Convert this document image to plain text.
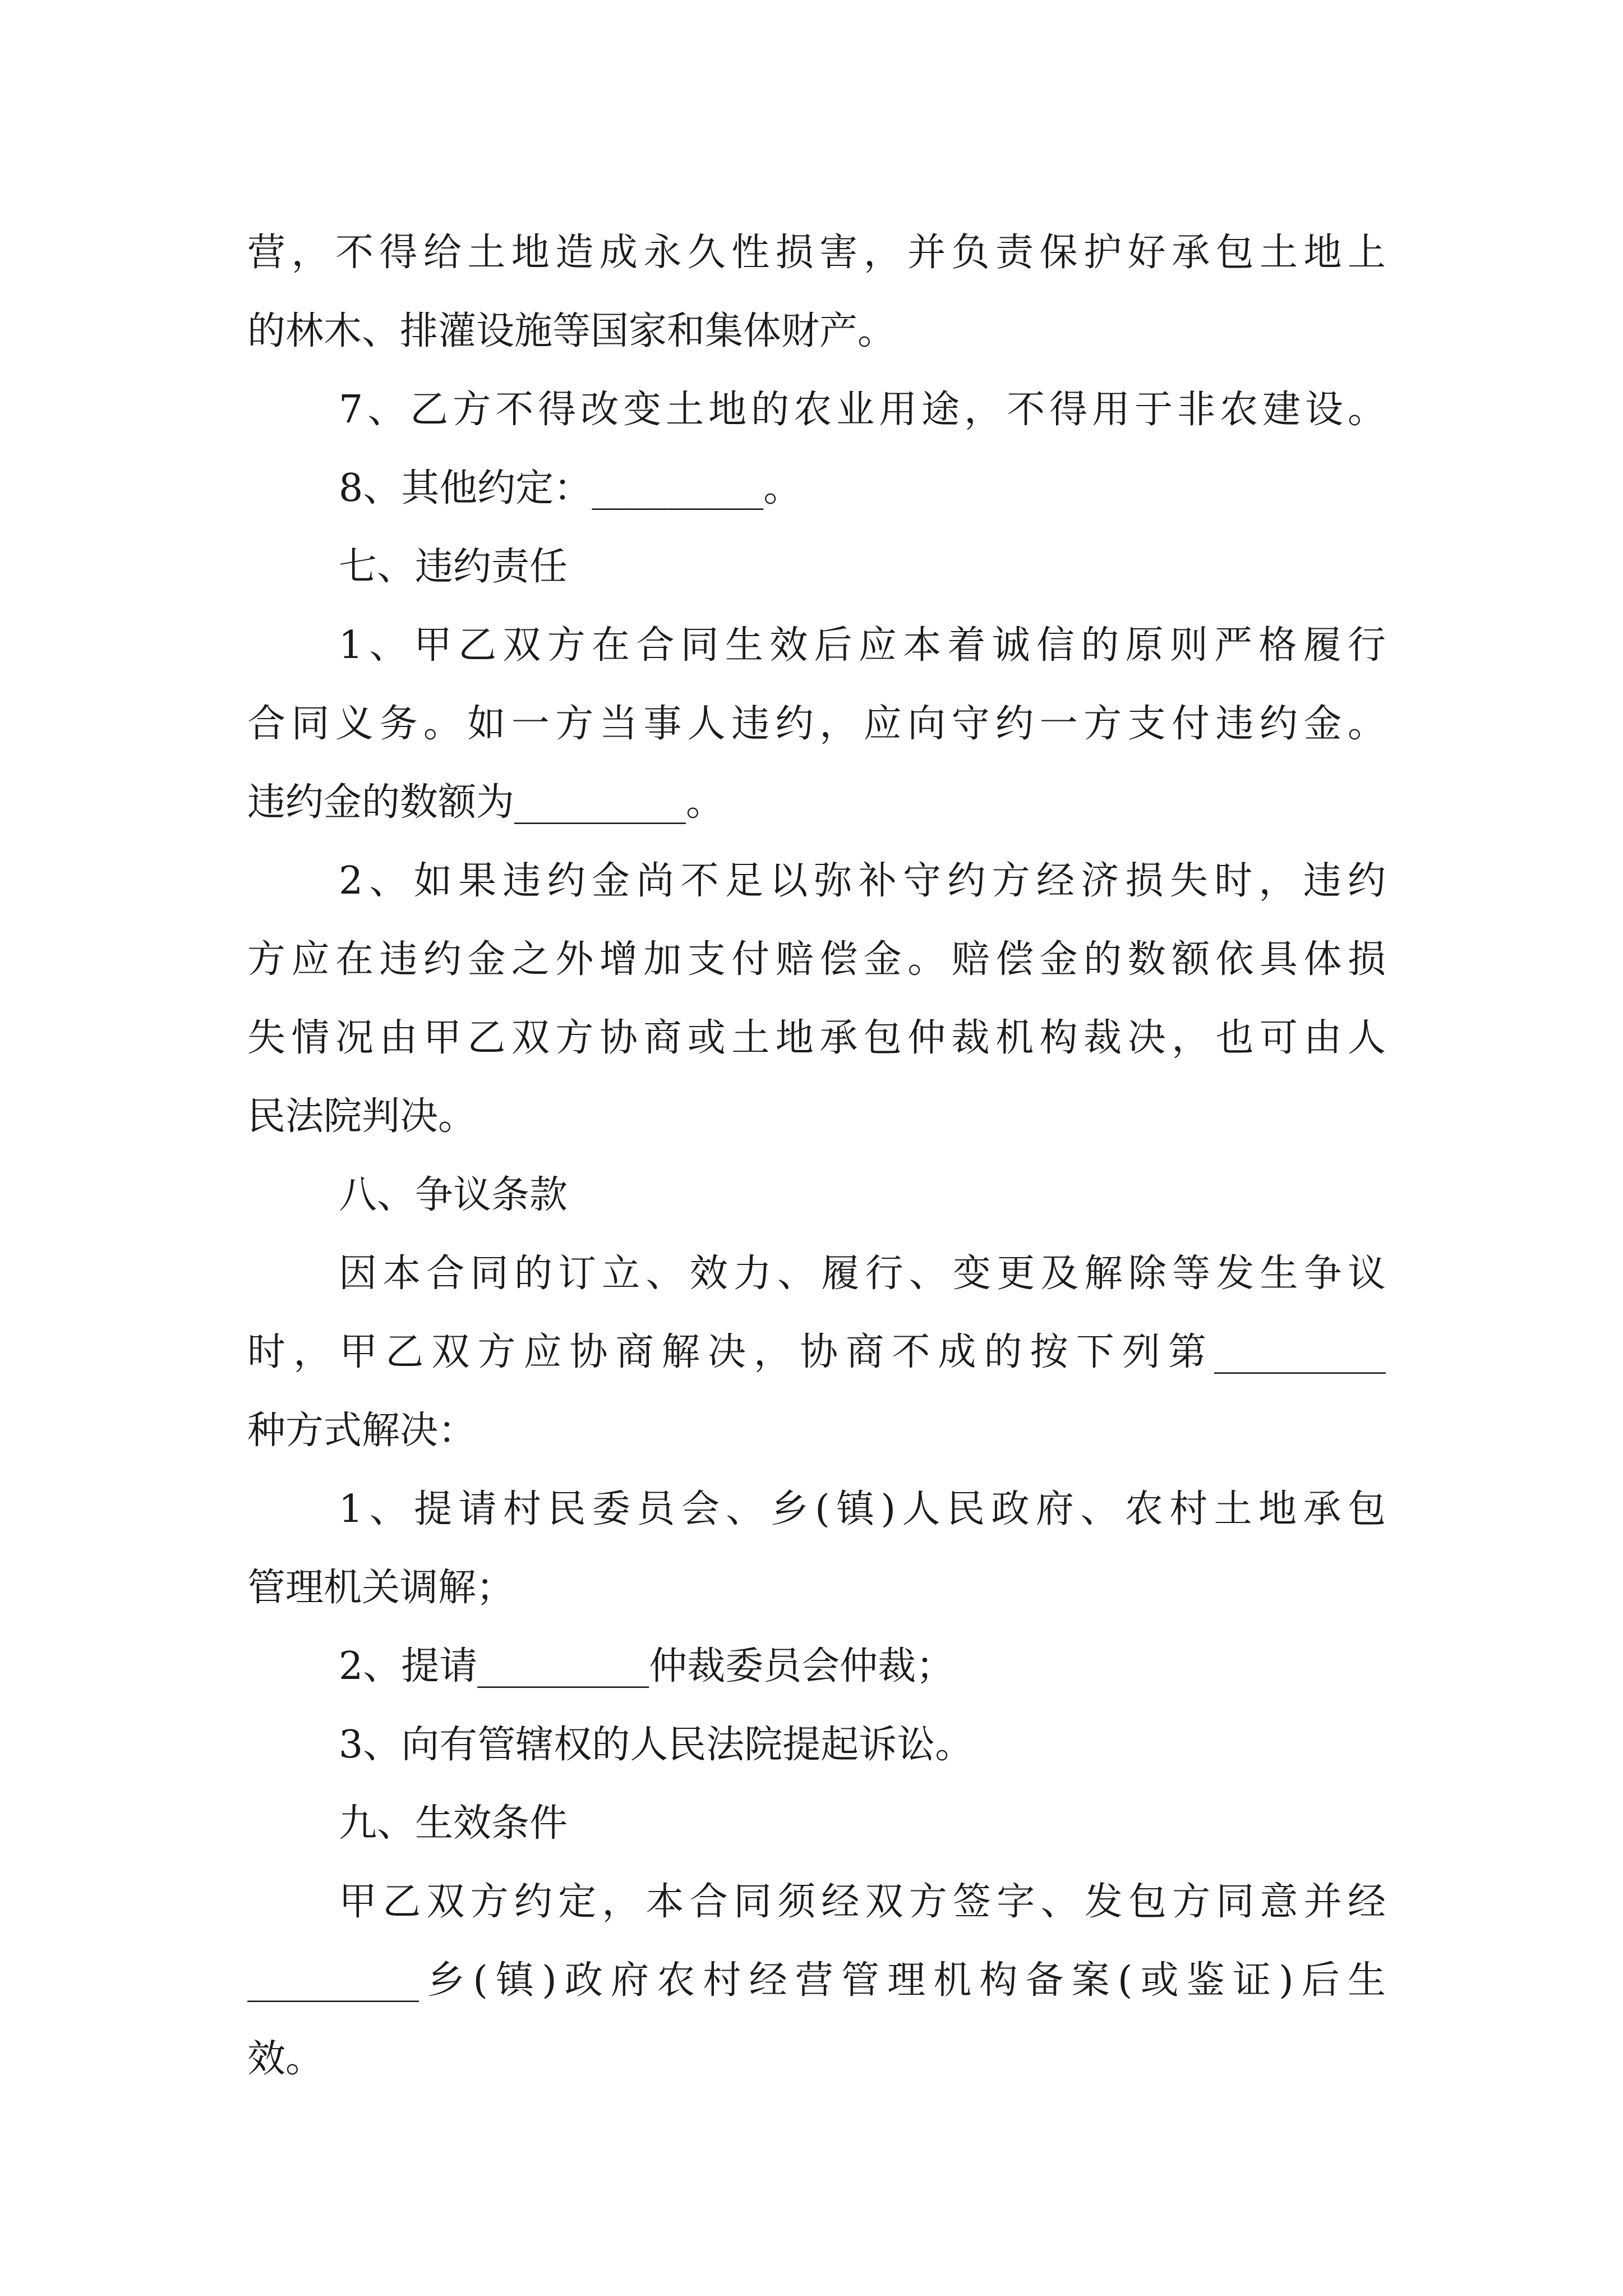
营，不得给土地造成永久性损害，并负责保护好承包土地上
的林木、排灌设施等国家和集体财产。
7、乙方不得改变土地的农业用途，不得用于非农建设。
8、其他约定：_________。
七、违约责任
1、甲乙双方在合同生效后应本着诚信的原则严格履行
合同义务。如一方当事人违约，应向守约一方支付违约金。
违约金的数额为_________。
2、如果违约金尚不足以弥补守约方经济损失时，违约
方应在违约金之外增加支付赔偿金。赔偿金的数额依具体损
失情况由甲乙双方协商或土地承包仲裁机构裁决，也可由人
民法院判决。
八、争议条款
因本合同的订立、效力、履行、变更及解除等发生争议
时，甲乙双方应协商解决，协商不成的按下列第_________
种方式解决：
1、提请村民委员会、乡(镇)人民政府、农村土地承包
管理机关调解；
2、提请_________仲裁委员会仲裁；
3、向有管辖权的人民法院提起诉讼。
九、生效条件
甲乙双方约定，本合同须经双方签字、发包方同意并经
_________乡(镇)政府农村经营管理机构备案(或鉴证)后生
效。
